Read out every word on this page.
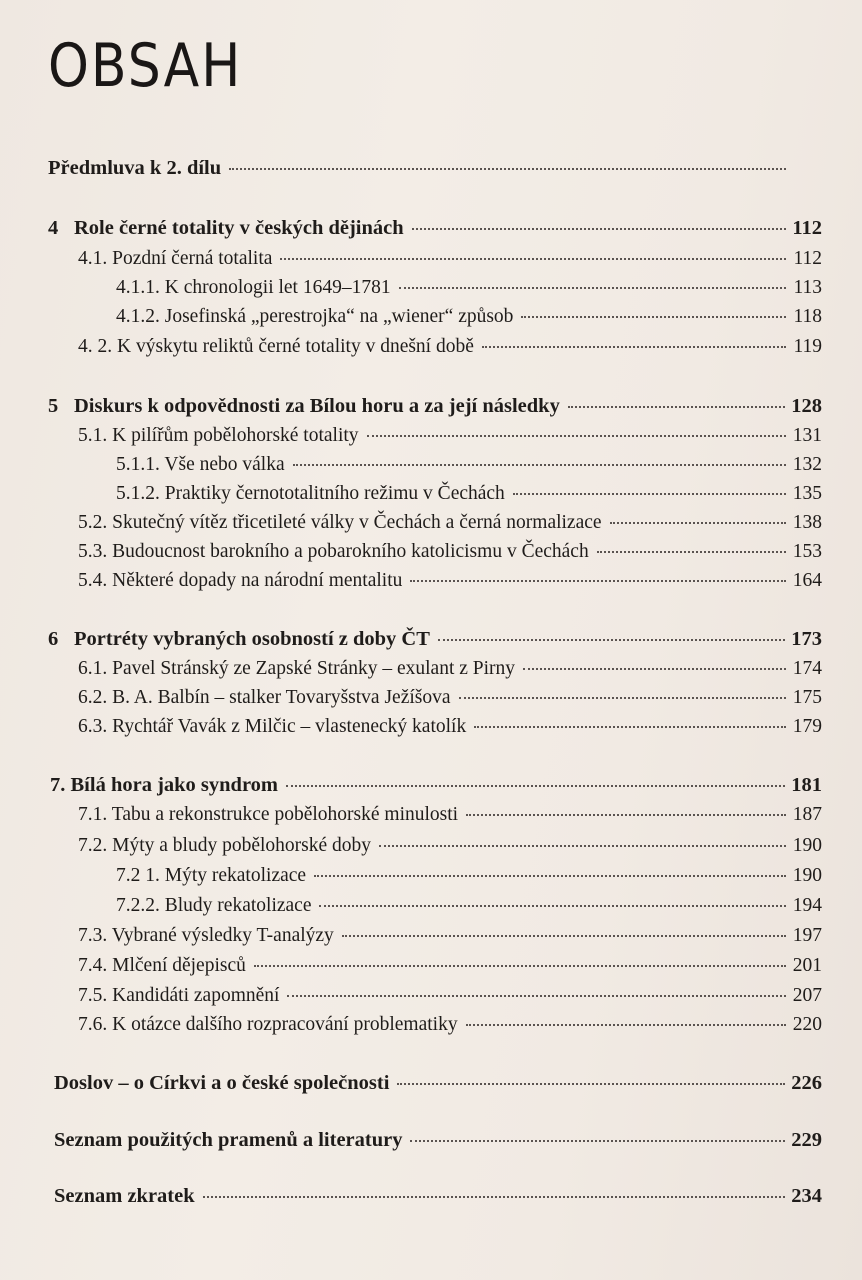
OBSAH
Předmluva k 2. dílu
4 Role černé totality v českých dějinách	112
4.1. Pozdní černá totalita	112
4.1.1. K chronologii let 1649–1781	113
4.1.2. Josefinská „perestrojka“ na „wiener“ způsob	118
4. 2. K výskytu reliktů černé totality v dnešní době	119
5 Diskurs k odpovědnosti za Bílou horu a za její následky	128
5.1. K pilířům pobělohorské totality	131
5.1.1. Vše nebo válka	132
5.1.2. Praktiky černototalitního režimu v Čechách	135
5.2. Skutečný vítěz třicetileté války v Čechách a černá normalizace	138
5.3. Budoucnost barokního a pobarokního katolicismu v Čechách	153
5.4. Některé dopady na národní mentalitu	164
6 Portréty vybraných osobností z doby ČT	173
6.1. Pavel Stránský ze Zapské Stránky – exulant z Pirny	174
6.2. B. A. Balbín – stalker Tovaryšstva Ježíšova	175
6.3. Rychtář Vavák z Milčic – vlastenecký katolík	179
7. Bílá hora jako syndrom	181
7.1. Tabu a rekonstrukce pobělohorské minulosti	187
7.2. Mýty a bludy pobělohorské doby	190
7.2 1. Mýty rekatolizace	190
7.2.2. Bludy rekatolizace	194
7.3. Vybrané výsledky T-analýzy	197
7.4. Mlčení dějepisců	201
7.5. Kandidáti zapomnění	207
7.6. K otázce dalšího rozpracování problematiky	220
Doslov – o Církvi a o české společnosti	226
Seznam použitých pramenů a literatury	229
Seznam zkratek	234
